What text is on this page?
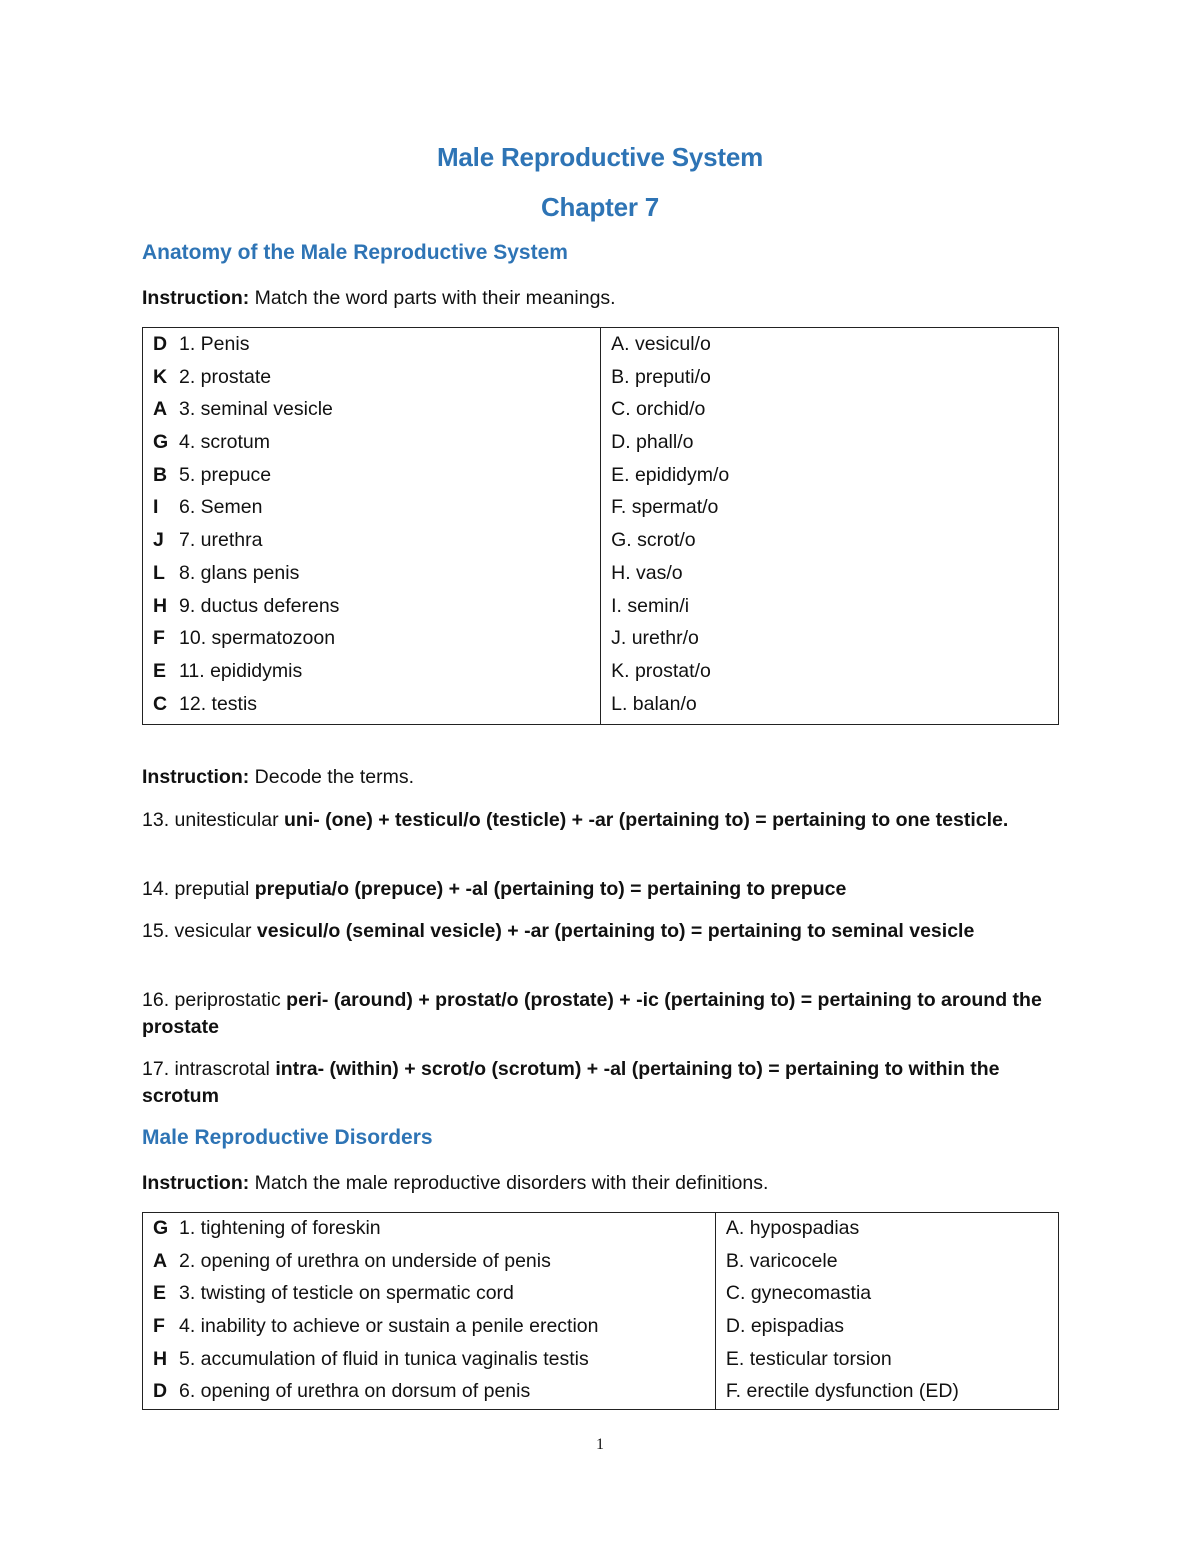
Male Reproductive System
Chapter 7
Anatomy of the Male Reproductive System
Instruction: Match the word parts with their meanings.
D 1. Penis
K 2. prostate
A 3. seminal vesicle
G 4. scrotum
B 5. prepuce
I 6. Semen
J 7. urethra
L 8. glans penis
H 9. ductus deferens
F 10. spermatozoon
E 11. epididymis
C 12. testis

A. vesicul/o
B. preputi/o
C. orchid/o
D. phall/o
E. epididym/o
F. spermat/o
G. scrot/o
H. vas/o
I. semin/i
J. urethr/o
K. prostat/o
L. balan/o
Instruction: Decode the terms.
13. unitesticular uni- (one) + testicul/o (testicle) + -ar (pertaining to) = pertaining to one testicle.
14. preputial preputia/o (prepuce) + -al (pertaining to) = pertaining to prepuce
15. vesicular vesicul/o (seminal vesicle) + -ar (pertaining to) = pertaining to seminal vesicle
16. periprostatic peri- (around) + prostat/o (prostate) + -ic (pertaining to) = pertaining to around the prostate
17. intrascrotal intra- (within) + scrot/o (scrotum) + -al (pertaining to) = pertaining to within the scrotum
Male Reproductive Disorders
Instruction: Match the male reproductive disorders with their definitions.
G 1. tightening of foreskin
A 2. opening of urethra on underside of penis
E 3. twisting of testicle on spermatic cord
F 4. inability to achieve or sustain a penile erection
H 5. accumulation of fluid in tunica vaginalis testis
D 6. opening of urethra on dorsum of penis

A. hypospadias
B. varicocele
C. gynecomastia
D. epispadias
E. testicular torsion
F. erectile dysfunction (ED)
1
